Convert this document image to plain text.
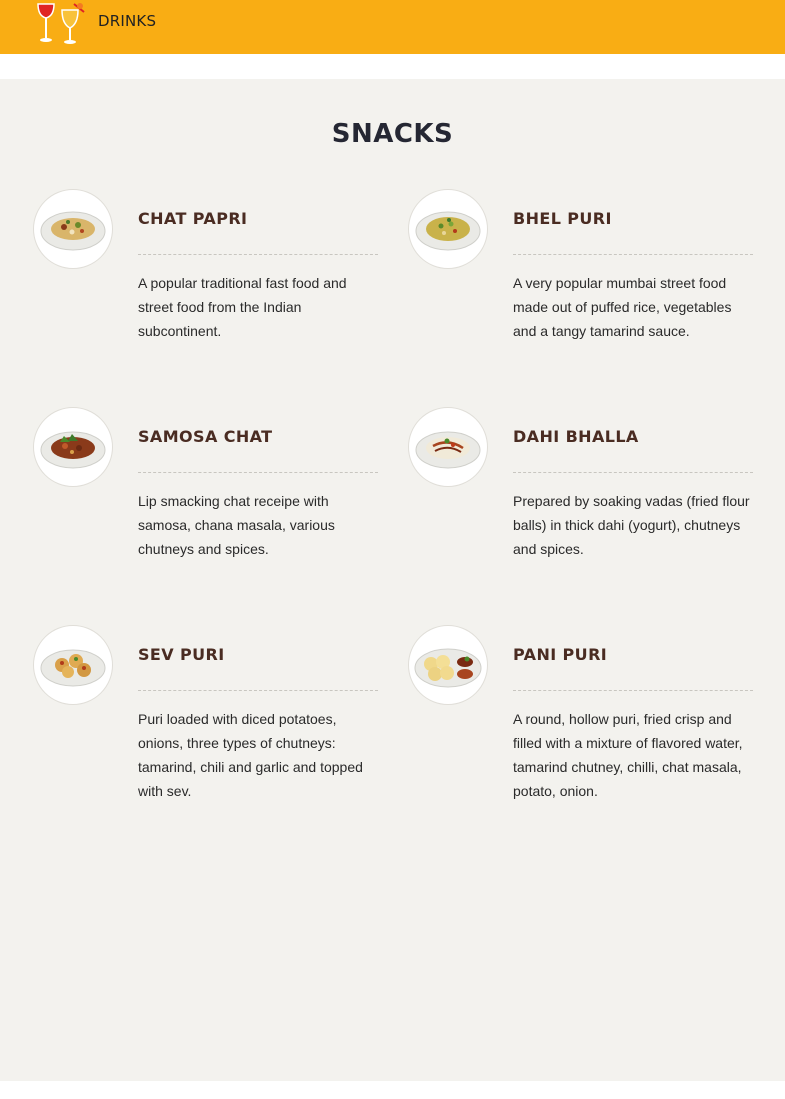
DRINKS
SNACKS
CHAT PAPRI

A popular traditional fast food and street food from the Indian subcontinent.

BHEL PURI

A very popular mumbai street food made out of puffed rice, vegetables and a tangy tamarind sauce.

SAMOSA CHAT

Lip smacking chat receipe with samosa, chana masala, various chutneys and spices.

DAHI BHALLA

Prepared by soaking vadas (fried flour balls) in thick dahi (yogurt), chutneys and spices.

SEV PURI

Puri loaded with diced potatoes, onions, three types of chutneys: tamarind, chili and garlic and topped with sev.

PANI PURI

A round, hollow puri, fried crisp and filled with a mixture of flavored water, tamarind chutney, chilli, chat masala, potato, onion.
